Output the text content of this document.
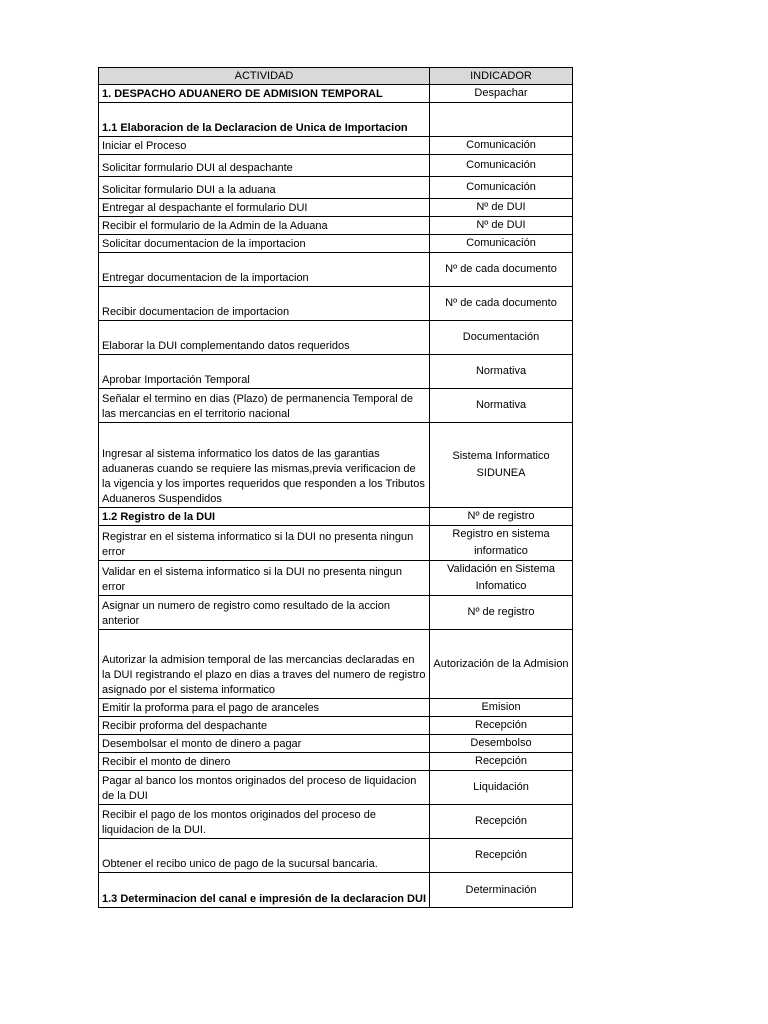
ACTIVIDAD	INDICADOR
1. DESPACHO ADUANERO DE ADMISION TEMPORAL	Despachar
1.1 Elaboracion de la Declaracion de Unica de Importacion	
Iniciar el Proceso	Comunicación
Solicitar formulario DUI al despachante	Comunicación
Solicitar formulario DUI a la aduana	Comunicación
Entregar al despachante el formulario DUI	Nº de DUI
Recibir el formulario de la Admin de la Aduana	Nº de DUI
Solicitar documentacion de la importacion	Comunicación
Entregar documentacion de la importacion	Nº de cada documento
Recibir documentacion de importacion	Nº de cada documento
Elaborar la DUI complementando datos requeridos	Documentación
Aprobar Importación Temporal	Normativa
Señalar el termino en dias (Plazo) de permanencia Temporal de las mercancias en el territorio nacional	Normativa
Ingresar al sistema informatico los datos de las garantias aduaneras cuando se requiere las mismas,previa verificacion de la vigencia y los importes requeridos que responden a los Tributos Aduaneros Suspendidos	Sistema Informatico SIDUNEA
1.2 Registro de la DUI	Nº de registro
Registrar en el sistema informatico si la DUI no presenta ningun error	Registro en sistema informatico
Validar en el sistema informatico si la DUI no presenta ningun error	Validación en Sistema Infomatico
Asignar un numero de registro como resultado de la accion anterior	Nº de registro
Autorizar la admision temporal de las mercancias declaradas en la DUI registrando el plazo en dias a traves del numero de registro asignado por el sistema informatico	Autorización de la Admision
Emitir la proforma para el pago de aranceles	Emision
Recibir proforma del despachante	Recepción
Desembolsar el monto de dinero a pagar	Desembolso
Recibir el monto de dinero	Recepción
Pagar al banco los montos originados del proceso de liquidacion de la DUI	Liquidación
Recibir el pago de los montos originados del proceso de liquidacion de la DUI.	Recepción
Obtener el recibo unico de pago de la sucursal bancaria.	Recepción
1.3 Determinacion del canal e impresión de la declaracion DUI	Determinación
